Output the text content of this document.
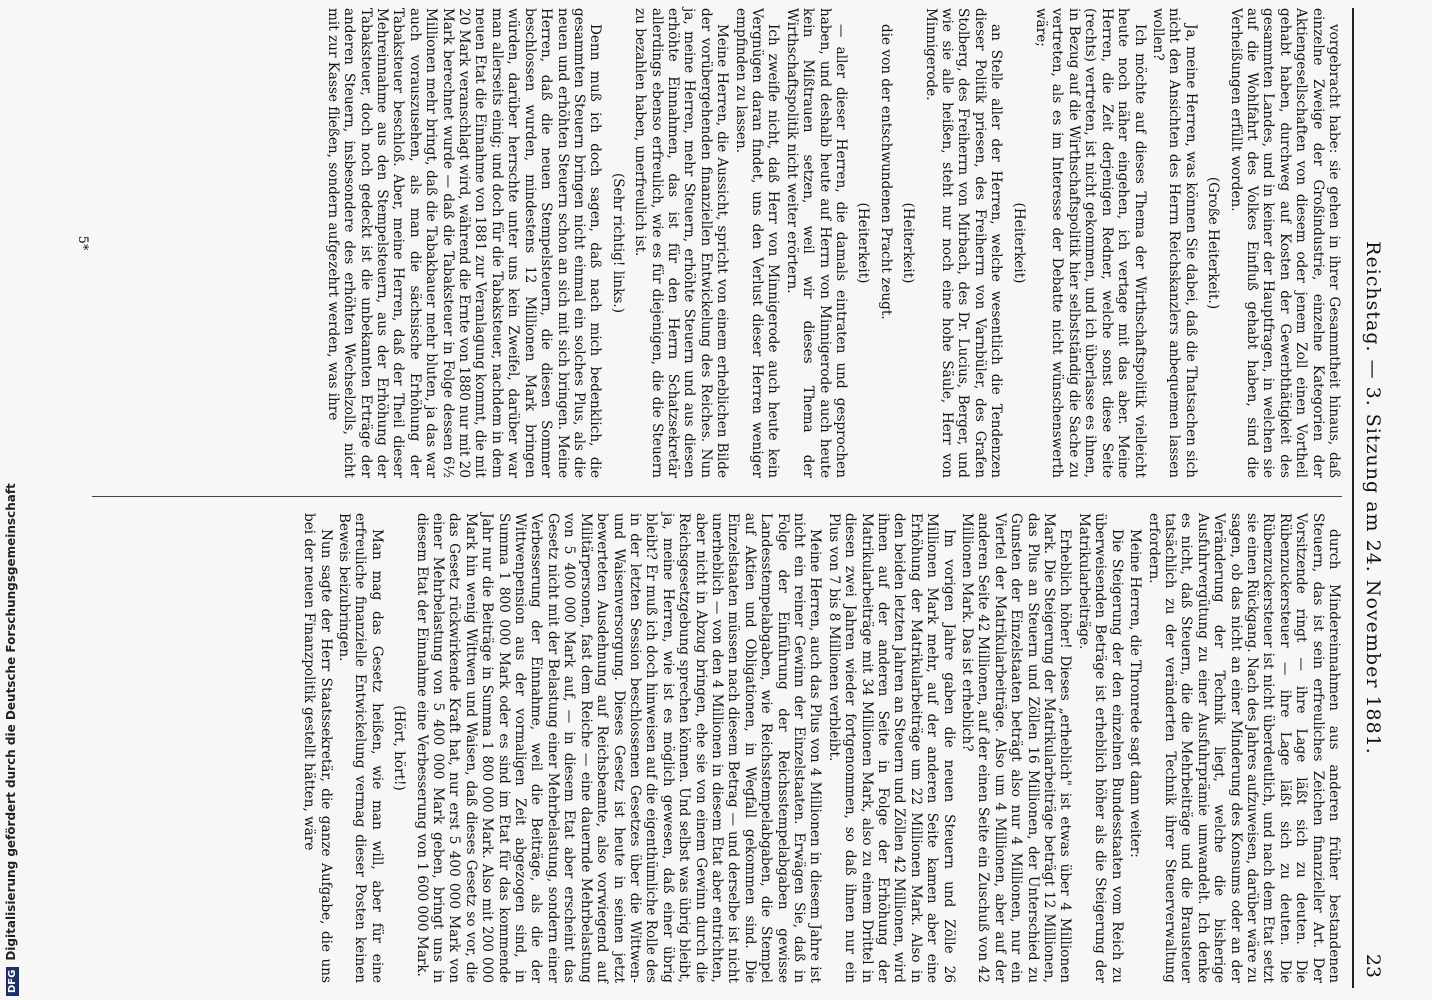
Reichstag. — 3. Sitzung am 24. November 1881.
23

vorgebracht habe: sie gehen in ihrer Gesammtheit hinaus, daß einzelne Zweige der Großindustrie, einzelne Kategorien der Aktiengesellschaften von diesem oder jenem Zoll einen Vortheil gehabt haben, durchweg auf Kosten der Gewerbthätigkeit des gesammten Landes, und in keiner der Hauptfragen, in welchen sie auf die Wohlfahrt des Volkes Einfluß gehabt haben, sind die Verheißungen erfüllt worden.

(Große Heiterkeit.)

Ja, meine Herren, was können Sie dabei, daß die Thatsachen sich nicht den Ansichten des Herrn Reichskanzlers anbequemen lassen wollen?

Ich möchte auf dieses Thema der Wirthschaftspolitik vielleicht heute noch näher eingehen, ich vertage mit das aber. Meine Herren, die Zeit derjenigen Redner, welche sonst diese Seite (rechts) vertreten, ist nicht gekommen, und ich überlasse es ihnen, in Bezug auf die Wirthschaftspolitik hier selbstständig die Sache zu vertreten, als es im Interesse der Debatte nicht wünschenswerth wäre;

(Heiterkeit)

an Stelle aller der Herren, welche wesentlich die Tendenzen dieser Politik priesen, des Freiherrn von Varnbüler, des Grafen Stolberg, des Freiherrn von Mirbach, des Dr. Lucius, Berger, und wie sie alle heißen, steht nur noch eine hohe Säule, Herr von Minnigerode.

(Heiterkeit)

die von der entschwundenen Pracht zeugt.

(Heiterkeit)

— aller dieser Herren, die damals eintraten und gesprochen haben, und deshalb heute auf Herrn von Minnigerode auch heute kein Mißtrauen setzen, weil wir dieses Thema der Wirthschaftspolitik nicht weiter erörtern.

Ich zweifle nicht, daß Herr von Minnigerode auch heute kein Vergnügen daran findet, uns den Verlust dieser Herren weniger empfinden zu lassen.

Meine Herren, die Aussicht, spricht von einem erheblichen Bilde der vorübergehenden finanziellen Entwickelung des Reiches. Nun ja, meine Herren, mehr Steuern, erhöhte Steuern und aus diesen erhöhte Einnahmen, das ist für den Herrn Schatzsekretär allerdings ebenso erfreulich, wie es für diejenigen, die die Steuern zu bezahlen haben, unerfreulich ist.

(Sehr richtig! links.)

Denn muß ich doch sagen, daß nach mich bedenklich, die gesammten Steuern bringen nicht einmal ein solches Plus, als die neuen und erhöhten Steuern schon an sich mit sich bringen. Meine Herren, daß die neuen Stempelsteuern, die diesen Sommer beschlossen wurden, mindestens 12 Millionen Mark bringen würden, darüber herrschte unter uns kein Zweifel, darüber war man allerseits einig; und doch für die Tabaksteuer, nachdem in dem neuen Etat die Einnahme von 1881 zur Veranlagung kommt, die mit 20 Mark veranschlagt wird, während die Ernte von 1880 nur mit 20 Mark berechnet wurde — daß die Tabaksteuer in Folge dessen 6½ Millionen mehr bringt, daß die Tabakbauer mehr bluten, ja das war auch vorauszusehen, als man die sächsische Erhöhung der Tabaksteuer beschloß. Aber, meine Herren, daß der Theil dieser Mehreinnahme aus den Stempelsteuern, aus der Erhöhung der Tabaksteuer, doch noch gedeckt ist die unbekannten Erträge der anderen Steuern, insbesondere des erhöhten Wechselzolls, nicht mit zur Kasse fließen, sondern aufgezehrt werden, was ihre

durch Mindereinnahmen aus anderen früher bestandenen Steuern, das ist sein erfreuliches Zeichen finanzieller Art. Der Vorsitzende ringt — ihre Lage läßt sich zu deuten. Die Rübenzuckersteuer — ihre Lage läßt sich zu deuten. Die Rübenzuckersteuer ist nicht überdeutlich, und nach dem Etat setzt sie einen Rückgang. Nach des Jahres aufzuweisen, darüber wäre zu sagen, ob das nicht an einer Minderung des Konsums oder an der Veränderung der Technik liegt, welche die bisherige Ausfuhrvergütung zu einer Ausfuhrprämie umwandelt. Ich denke es nicht, daß Steuern, die die Mehrbeiträge und die Brausteuer tatsächlich zu der veränderten Technik ihrer Steuerverwaltung erfordern.

Meine Herren, die Thronrede sagt dann weiter:

Die Steigerung der den einzelnen Bundesstaaten vom Reich zu überweisenden Beträge ist erheblich höher als die Steigerung der Matrikularbeiträge.

Erheblich höher! Dieses „erheblich" ist etwas über 4 Millionen Mark. Die Steigerung der Matrikularbeiträge beträgt 12 Millionen, das Plus an Steuern und Zöllen 16 Millionen, der Unterschied zu Gunsten der Einzelstaaten beträgt also nur 4 Millionen, nur ein Viertel der Matrikularbeiträge. Also um 4 Millionen, aber auf der anderen Seite 42 Millionen, auf der einen Seite ein Zuschuß von 42 Millionen Mark. Das ist erheblich?

Im vorigen Jahre gaben die neuen Steuern und Zölle 26 Millionen Mark mehr, auf der anderen Seite kamen aber eine Erhöhung der Matrikularbeiträge um 22 Millionen Mark. Also in den beiden letzten Jahren an Steuern und Zöllen 42 Millionen, wird ihnen auf der anderen Seite in Folge der Erhöhung der Matrikularbeiträge mit 34 Millionen Mark, also zu einem Drittel in diesen zwei Jahren wieder fortgenommen, so daß ihnen nur ein Plus von 7 bis 8 Millionen verbleibt.

Meine Herren, auch das Plus von 4 Millionen in diesem Jahre ist nicht ein reiner Gewinn der Einzelstaaten. Erwägen Sie, daß in Folge der Einführung der Reichsstempelabgaben gewisse Landesstempelabgaben, wie Reichsstempelabgaben, die Stempel auf Aktien und Obligationen, in Wegfall gekommen sind. Die Einzelstaaten müssen nach diesem Betrag — und derselbe ist nicht unerheblich — von den 4 Millionen in diesem Etat aber entrichten, aber nicht in Abzug bringen, ehe sie von einem Gewinn durch die Reichsgesetzgebung sprechen können. Und selbst was übrig bleibt, ja, meine Herren, wie ist es möglich gewesen, daß einer übrig bleibt? Er muß ich doch hinweisen auf die eigenthümliche Rolle des in der letzten Session beschlossenen Gesetzes über die Wittwen- und Waisenversorgung. Dieses Gesetz ist heute in seinen jetzt bewerteten Ausdehnung auf Reichsbeamte, also vorwiegend auf Militärpersonen, fast dem Reiche — eine dauernde Mehrbelastung von 5 400 000 Mark auf, — in diesem Etat aber erscheint das Gesetz nicht mit der Belastung einer Mehrbelastung, sondern einer Verbesserung der Einnahme, weil die Beiträge, als die der Wittwenpension aus der vormaligen Zeit abgezogen sind, in Summa 1 800 000 Mark oder es sind im Etat für das kommende Jahr nur die Beiträge in Summa 1 800 000 Mark. Also mit 200 000 Mark hin wenig Wittwen und Waisen, daß dieses Gesetz so vor, die das Gesetz rückwirkende Kraft hat, nur erst 5 400 000 Mark von einer Mehrbelastung von 5 400 000 Mark geben, bringt uns in diesem Etat der Einnahme eine Verbesserung von 1 600 000 Mark.

(Hört, hört!)

Man mag das Gesetz heißen, wie man will, aber für eine erfreuliche finanzielle Entwickelung vermag dieser Posten keinen Beweis beizubringen.

Nun sagte der Herr Staatssekretär, die ganze Aufgabe, die uns bei der neuen Finanzpolitik gestellt hätten, wäre

5*
DFGDigitalisierung gefördert durch die Deutsche Forschungsgemeinschaft
